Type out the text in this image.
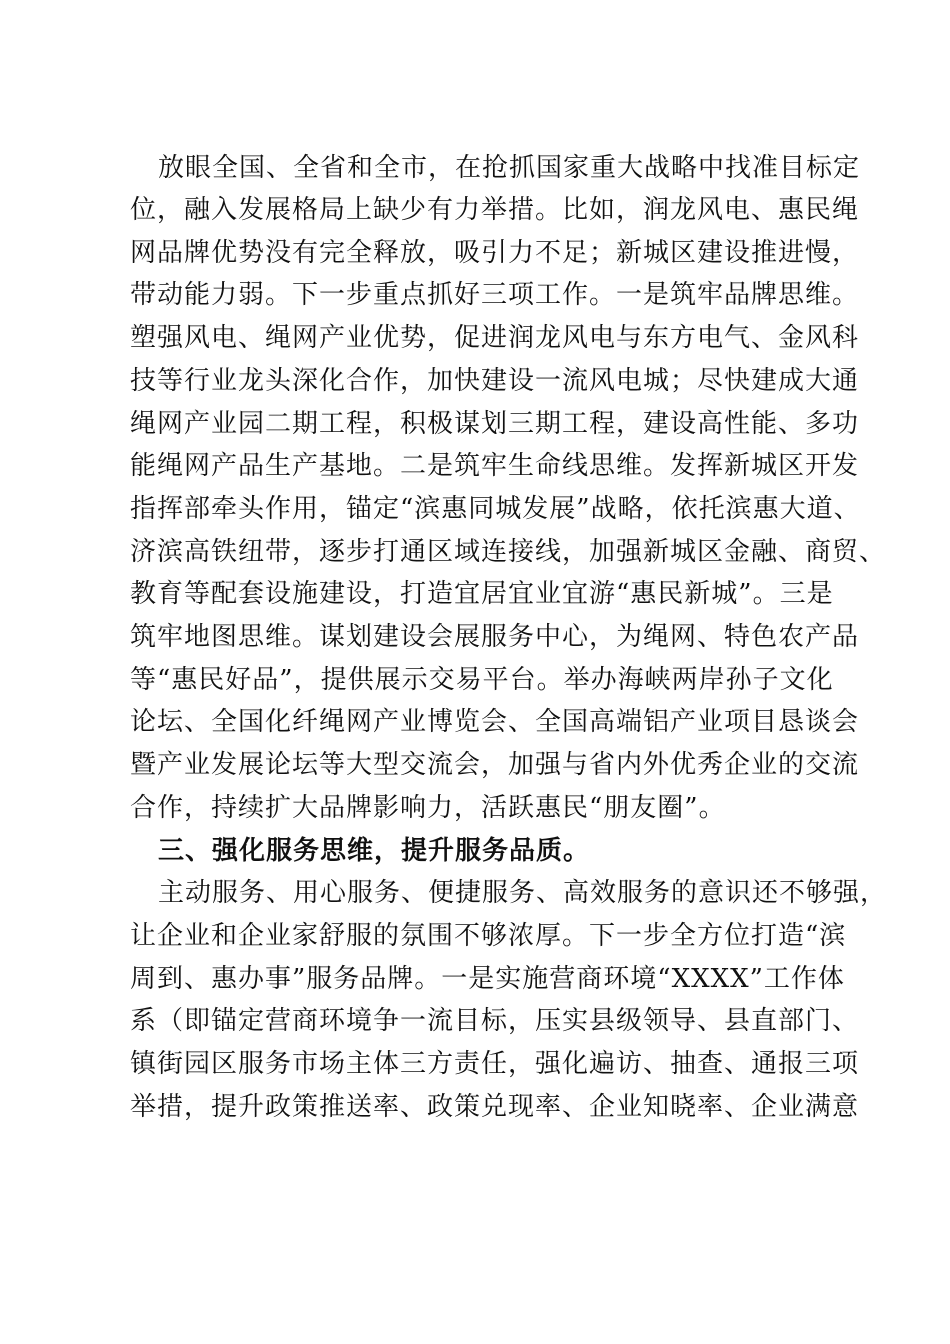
放眼全国、全省和全市，在抢抓国家重大战略中找准目标定
位，融入发展格局上缺少有力举措。比如，润龙风电、惠民绳
网品牌优势没有完全释放，吸引力不足；新城区建设推进慢，
带动能力弱。下一步重点抓好三项工作。一是筑牢品牌思维。
塑强风电、绳网产业优势，促进润龙风电与东方电气、金风科
技等行业龙头深化合作，加快建设一流风电城；尽快建成大通
绳网产业园二期工程，积极谋划三期工程，建设高性能、多功
能绳网产品生产基地。二是筑牢生命线思维。发挥新城区开发
指挥部牵头作用，锚定“滨惠同城发展”战略，依托滨惠大道、
济滨高铁纽带，逐步打通区域连接线，加强新城区金融、商贸、
教育等配套设施建设，打造宜居宜业宜游“惠民新城”。三是
筑牢地图思维。谋划建设会展服务中心，为绳网、特色农产品
等“惠民好品”，提供展示交易平台。举办海峡两岸孙子文化
论坛、全国化纤绳网产业博览会、全国高端铝产业项目恳谈会
暨产业发展论坛等大型交流会，加强与省内外优秀企业的交流
合作，持续扩大品牌影响力，活跃惠民“朋友圈”。
三、强化服务思维，提升服务品质。
主动服务、用心服务、便捷服务、高效服务的意识还不够强，
让企业和企业家舒服的氛围不够浓厚。下一步全方位打造“滨
周到、惠办事”服务品牌。一是实施营商环境“XXXX”工作体
系（即锚定营商环境争一流目标，压实县级领导、县直部门、
镇街园区服务市场主体三方责任，强化遍访、抽查、通报三项
举措，提升政策推送率、政策兑现率、企业知晓率、企业满意
